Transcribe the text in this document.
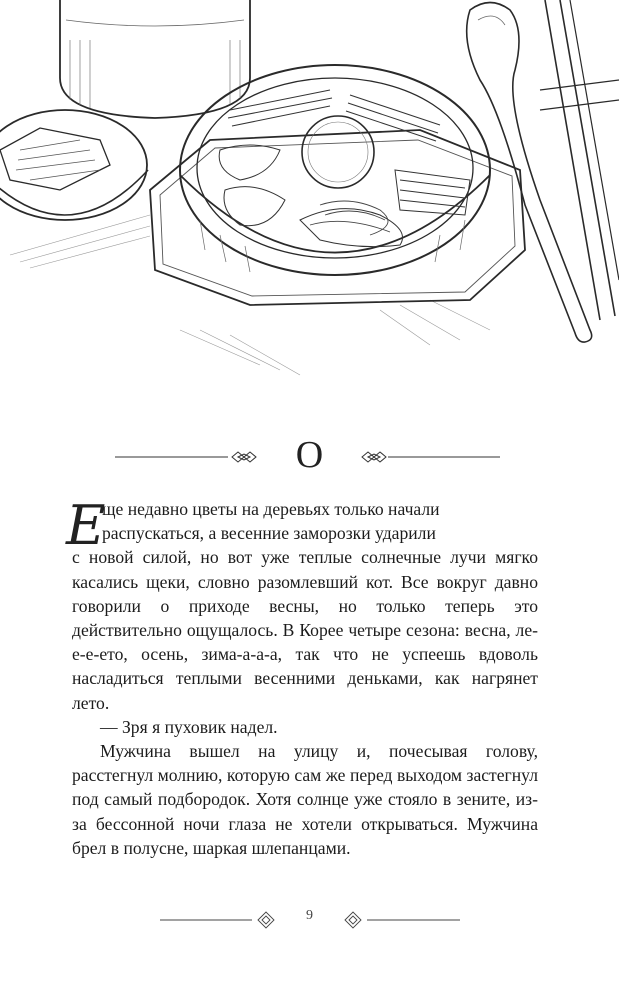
О
Е
ще недавно цветы на деревьях только начали
распускаться, а весенние заморозки ударили

с новой силой, но вот уже теплые солнечные лучи мягко касались щеки, словно разомлевший кот. Все вокруг давно говорили о приходе весны, но только теперь это действительно ощущалось. В Корее четыре сезона: весна, ле-е-е-ето, осень, зима-а-а-а, так что не успеешь вдоволь насладиться теплыми весенними деньками, как нагрянет лето.

— Зря я пуховик надел.

Мужчина вышел на улицу и, почесывая голову, расстегнул молнию, которую сам же перед выходом застегнул под самый подбородок. Хотя солнце уже стояло в зените, из-за бессонной ночи глаза не хотели открываться. Мужчина брел в полусне, шаркая шлепанцами.

9
